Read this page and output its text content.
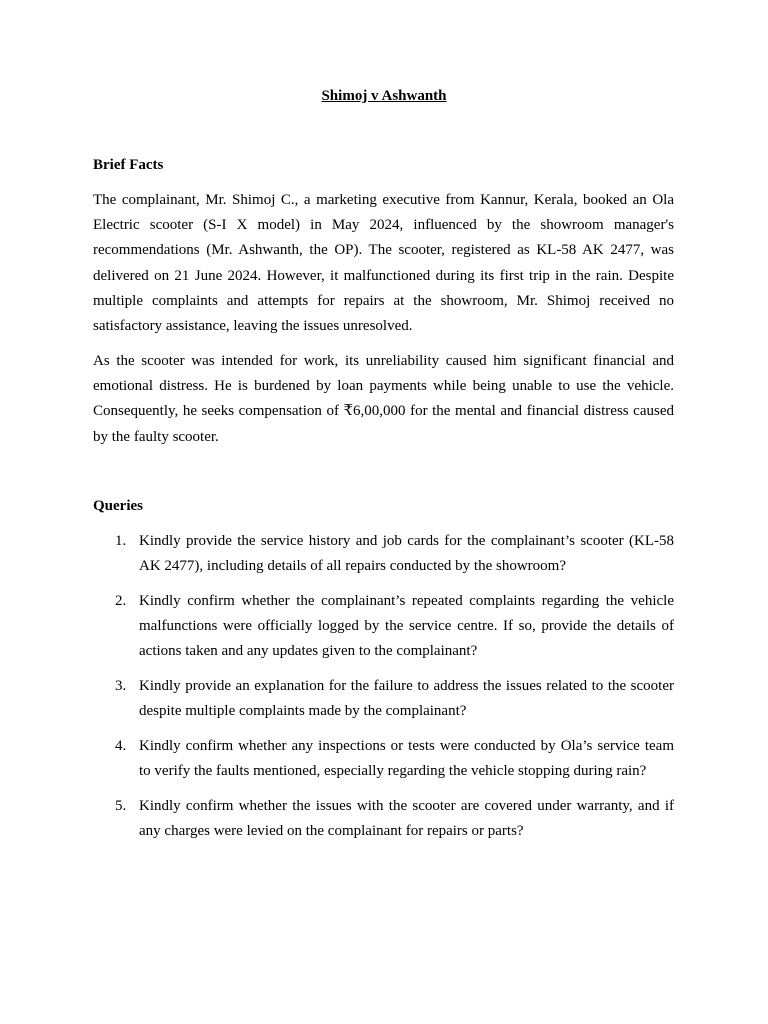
Shimoj v Ashwanth
Brief Facts

The complainant, Mr. Shimoj C., a marketing executive from Kannur, Kerala, booked an Ola Electric scooter (S-I X model) in May 2024, influenced by the showroom manager's recommendations (Mr. Ashwanth, the OP). The scooter, registered as KL-58 AK 2477, was delivered on 21 June 2024. However, it malfunctioned during its first trip in the rain. Despite multiple complaints and attempts for repairs at the showroom, Mr. Shimoj received no satisfactory assistance, leaving the issues unresolved.

As the scooter was intended for work, its unreliability caused him significant financial and emotional distress. He is burdened by loan payments while being unable to use the vehicle. Consequently, he seeks compensation of ₹6,00,000 for the mental and financial distress caused by the faulty scooter.

Queries
1. Kindly provide the service history and job cards for the complainant’s scooter (KL-58 AK 2477), including details of all repairs conducted by the showroom?
2. Kindly confirm whether the complainant’s repeated complaints regarding the vehicle malfunctions were officially logged by the service centre. If so, provide the details of actions taken and any updates given to the complainant?
3. Kindly provide an explanation for the failure to address the issues related to the scooter despite multiple complaints made by the complainant?
4. Kindly confirm whether any inspections or tests were conducted by Ola’s service team to verify the faults mentioned, especially regarding the vehicle stopping during rain?
5. Kindly confirm whether the issues with the scooter are covered under warranty, and if any charges were levied on the complainant for repairs or parts?
